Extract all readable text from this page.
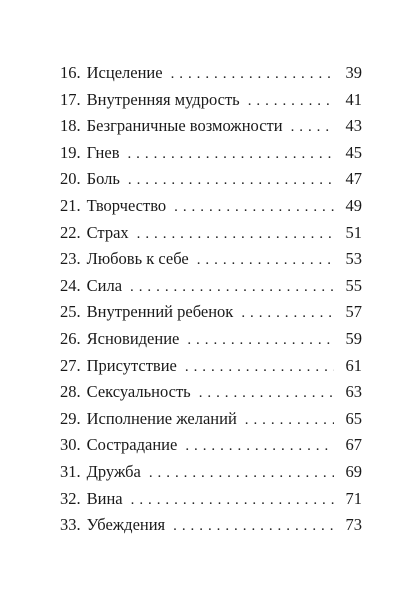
16. Исцеление . . .	39
17. Внутренняя мудрость . . .	41
18. Безграничные возможности . . .	43
19. Гнев . . .	45
20. Боль . . .	47
21. Творчество . . .	49
22. Страх . . .	51
23. Любовь к себе . . .	53
24. Сила . . .	55
25. Внутренний ребенок . . .	57
26. Ясновидение . . .	59
27. Присутствие . . .	61
28. Сексуальность . . .	63
29. Исполнение желаний . . .	65
30. Сострадание . . .	67
31. Дружба . . .	69
32. Вина . . .	71
33. Убеждения . . .	73
